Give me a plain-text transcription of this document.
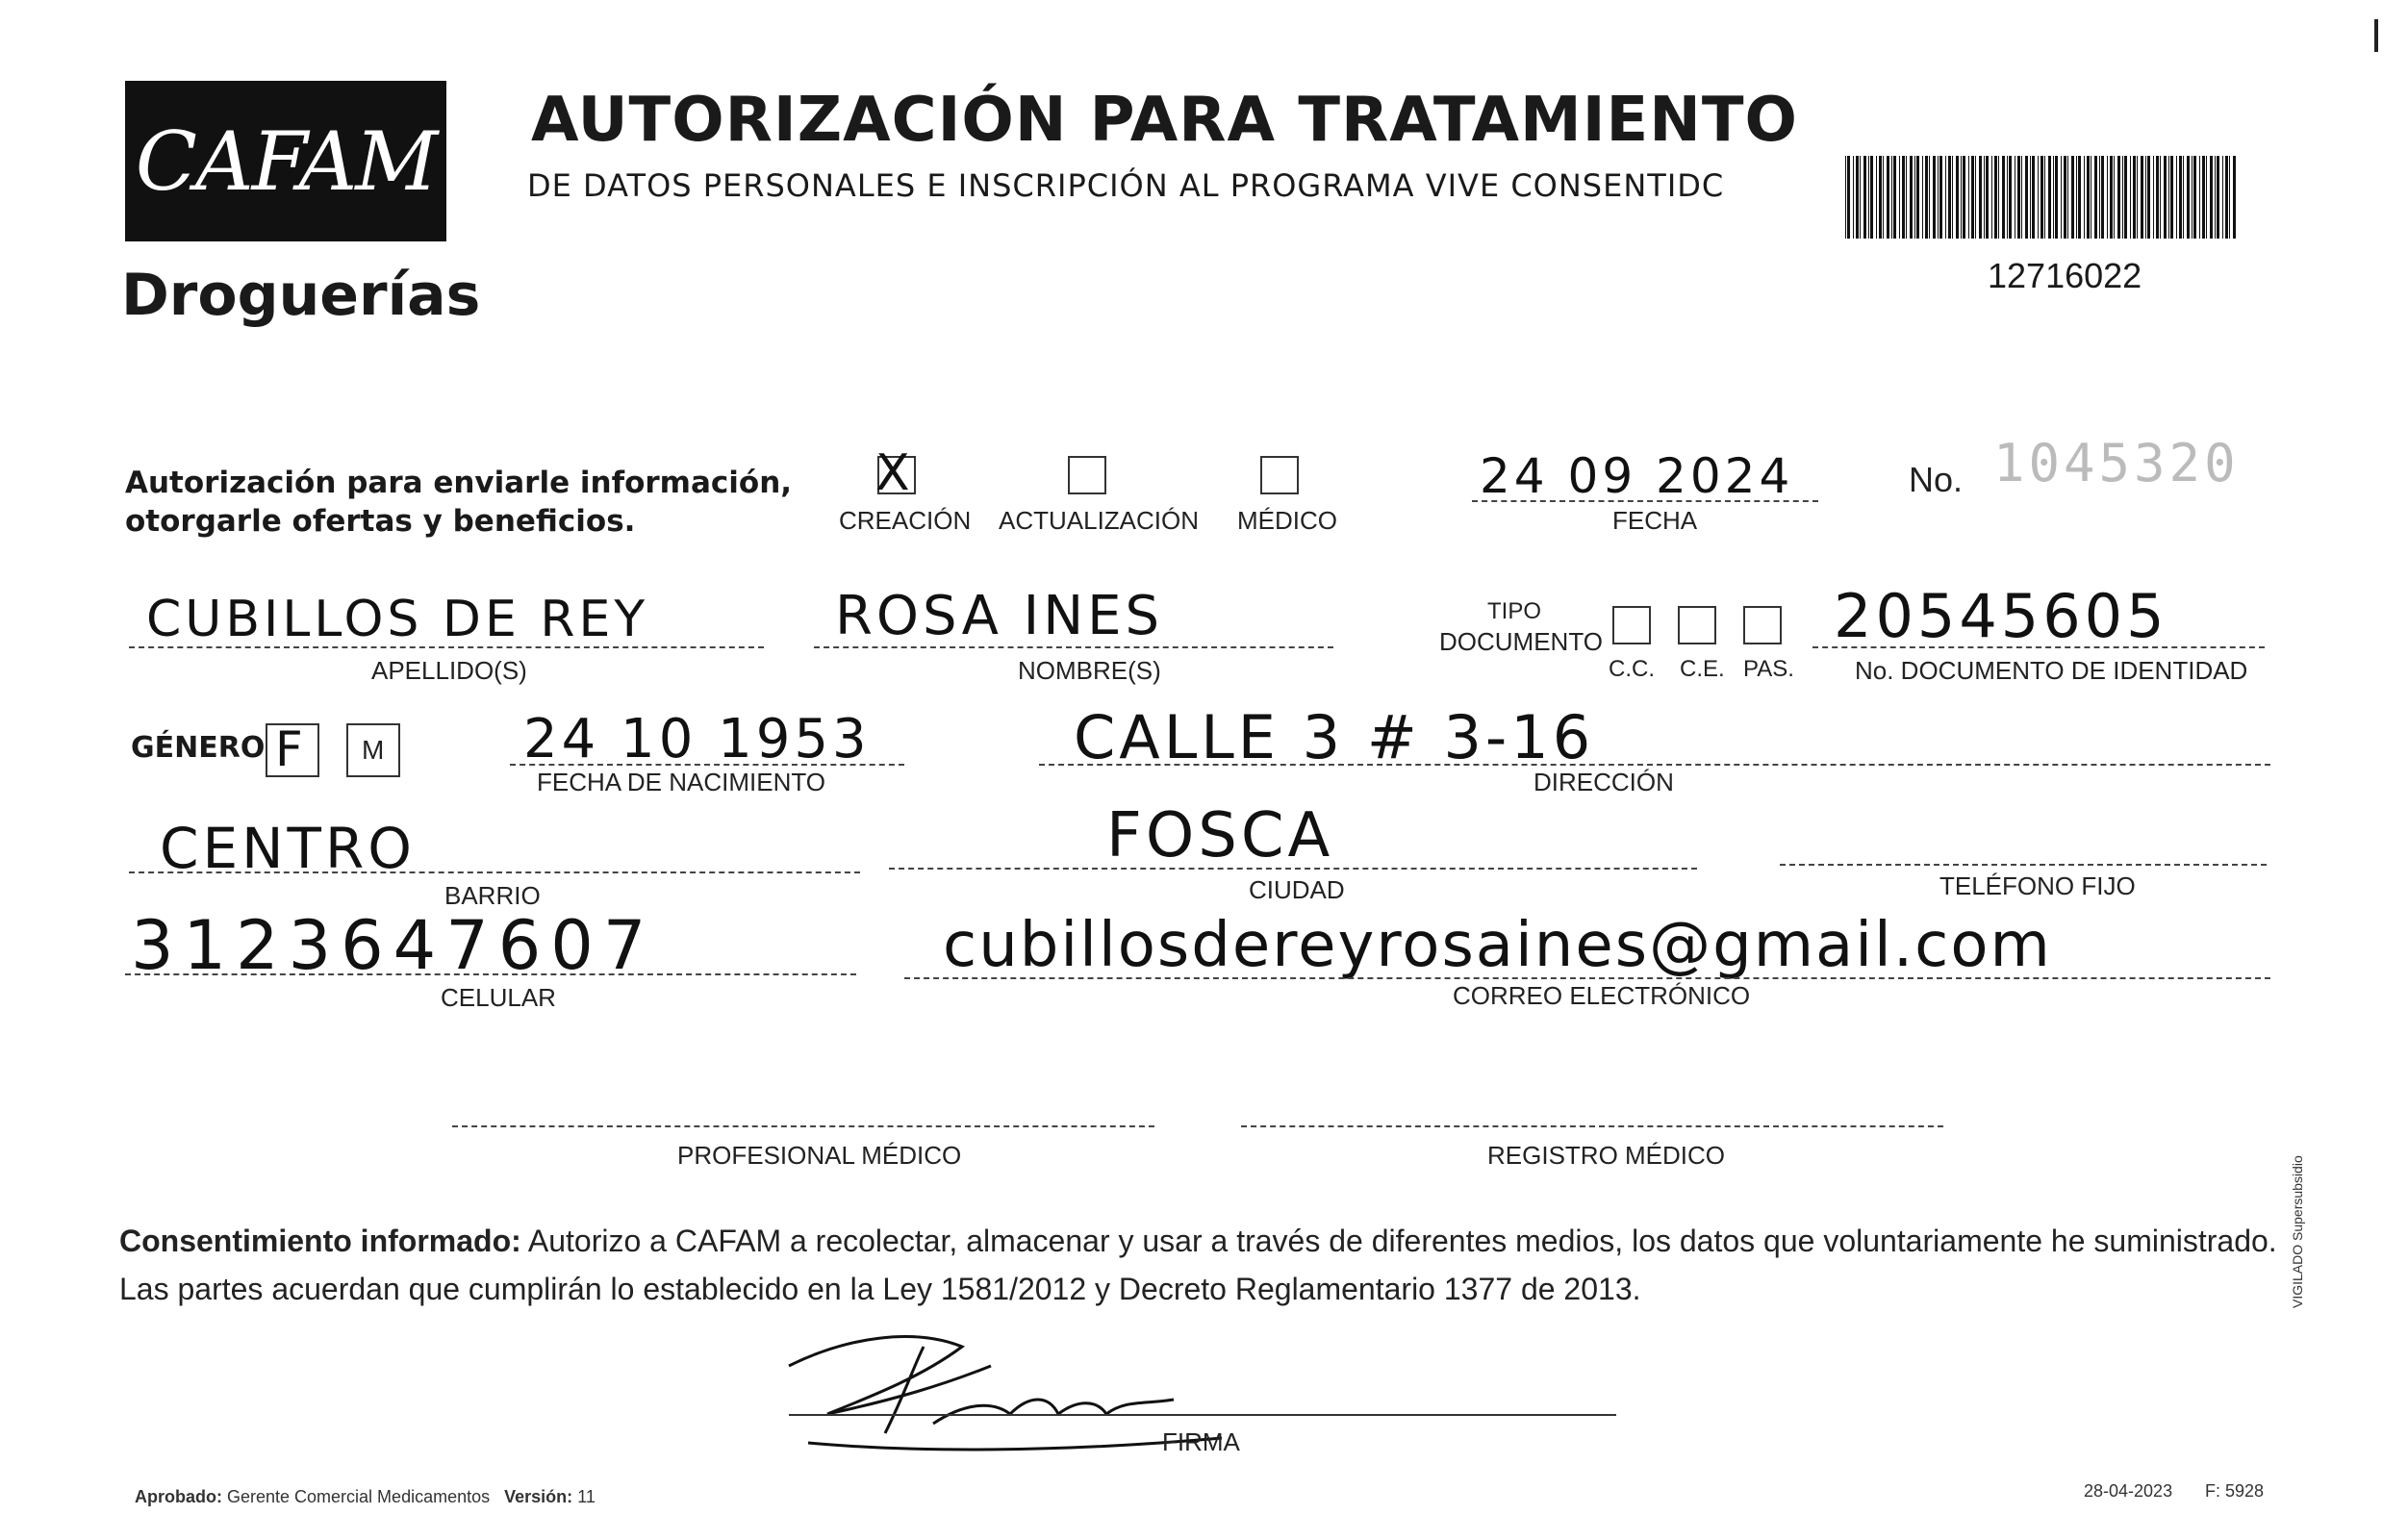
CAFAM
Droguerías
AUTORIZACIÓN PARA TRATAMIENTO
DE DATOS PERSONALES E INSCRIPCIÓN AL PROGRAMA VIVE CONSENTIDC
12716022
Autorización para enviarle información,
otorgarle ofertas y beneficios.
X
CREACIÓN ACTUALIZACIÓN MÉDICO
24 09 2024
FECHA
No. 1045320
CUBILLOS DE REY
APELLIDO(S)
ROSA INES
NOMBRE(S)
TIPO
DOCUMENTO
C.C. C.E. PAS.
20545605
No. DOCUMENTO DE IDENTIDAD
GÉNERO F M	24 10 1953
FECHA DE NACIMIENTO
CALLE 3 # 3-16
DIRECCIÓN
CENTRO
BARRIO
FOSCA
CIUDAD	TELÉFONO FIJO
3123647607
CELULAR
cubillosdereyrosaines@gmail.com
CORREO ELECTRÓNICO
PROFESIONAL MÉDICO	REGISTRO MÉDICO
Consentimiento informado: Autorizo a CAFAM a recolectar, almacenar y usar a través de diferentes medios, los datos que voluntariamente he suministrado.
Las partes acuerdan que cumplirán lo establecido en la Ley 1581/2012 y Decreto Reglamentario 1377 de 2013.
FIRMA
Aprobado: Gerente Comercial Medicamentos Versión: 11	28-04-2023 F: 5928
VIGILADO Supersubsidio
